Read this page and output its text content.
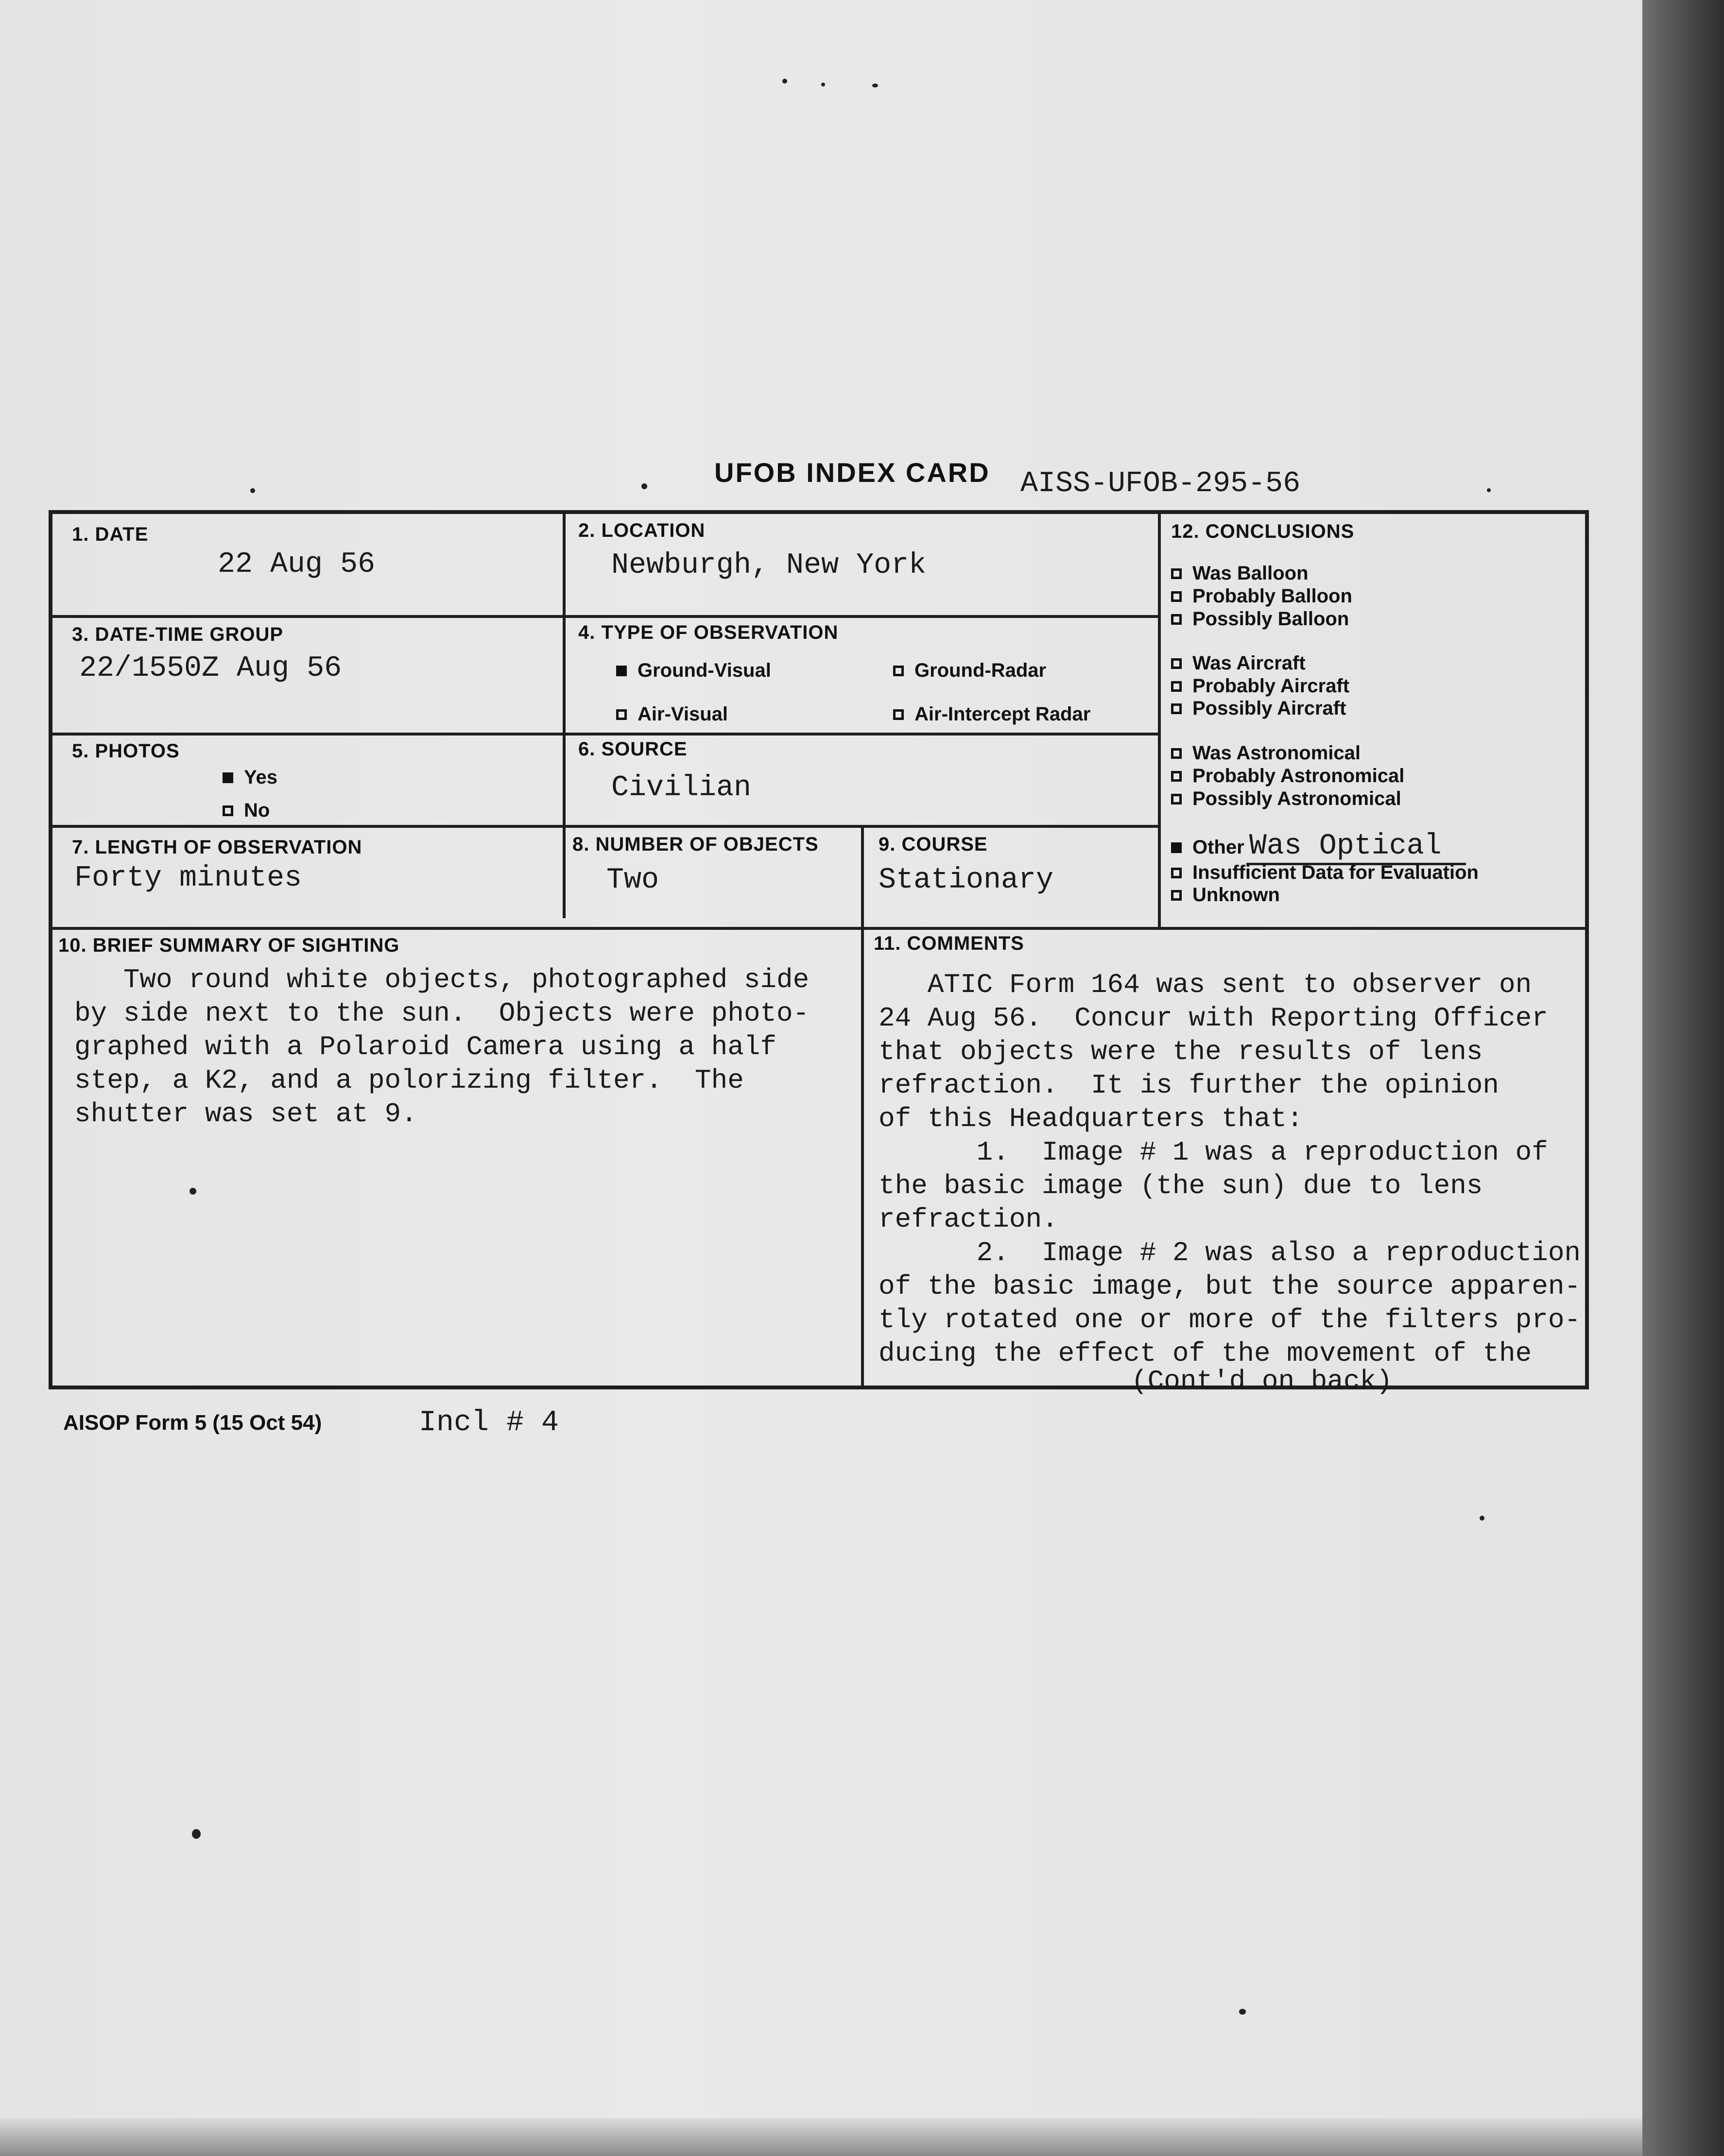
UFOB INDEX CARD AISS-UFOB-295-56
1. DATE
22 Aug 56
2. LOCATION
Newburgh, New York
3. DATE-TIME GROUP
22/1550Z Aug 56
4. TYPE OF OBSERVATION
Ground-Visual	Ground-Radar
Air-Visual	Air-Intercept Radar
5. PHOTOS
Yes
No
6. SOURCE
Civilian
7. LENGTH OF OBSERVATION
Forty minutes
8. NUMBER OF OBJECTS
Two
9. COURSE
Stationary
12. CONCLUSIONS
Was Balloon
Probably Balloon
Possibly Balloon
Was Aircraft
Probably Aircraft
Possibly Aircraft
Was Astronomical
Probably Astronomical
Possibly Astronomical
Other Was Optical
Insufficient Data for Evaluation
Unknown
10. BRIEF SUMMARY OF SIGHTING
Two round white objects, photographed side
by side next to the sun.  Objects were photo-
graphed with a Polaroid Camera using a half
step, a K2, and a polorizing filter.  The
shutter was set at 9.
11. COMMENTS
ATIC Form 164 was sent to observer on
24 Aug 56.  Concur with Reporting Officer
that objects were the results of lens
refraction.  It is further the opinion
of this Headquarters that:
1.  Image # 1 was a reproduction of
the basic image (the sun) due to lens
refraction.
2.  Image # 2 was also a reproduction
of the basic image, but the source apparen-
tly rotated one or more of the filters pro-
ducing the effect of the movement of the
(Cont'd on back)
AISOP Form 5 (15 Oct 54)	Incl # 4
